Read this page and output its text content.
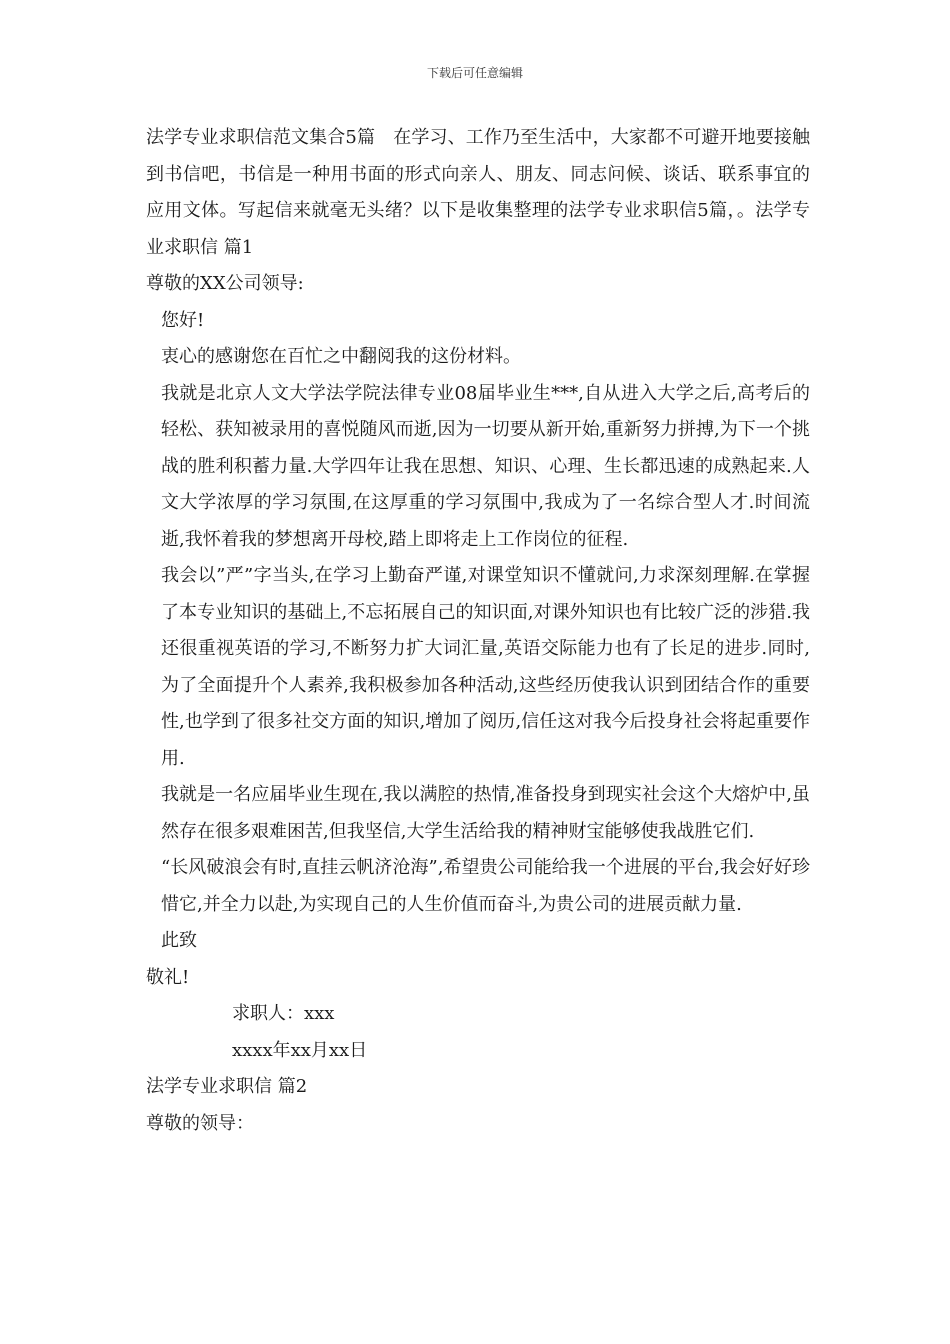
下载后可任意编辑

法学专业求职信范文集合5篇 在学习、工作乃至生活中，大家都不可避开地要接触到书信吧，书信是一种用书面的形式向亲人、朋友、同志问候、谈话、联系事宜的应用文体。写起信来就毫无头绪？以下是收集整理的法学专业求职信5篇，。法学专业求职信 篇1

尊敬的XX公司领导:

您好!

衷心的感谢您在百忙之中翻阅我的这份材料。

我就是北京人文大学法学院法律专业08届毕业生***,自从进入大学之后,高考后的轻松、获知被录用的喜悦随风而逝,因为一切要从新开始,重新努力拼搏,为下一个挑战的胜利积蓄力量.大学四年让我在思想、知识、心理、生长都迅速的成熟起来.人文大学浓厚的学习氛围,在这厚重的学习氛围中,我成为了一名综合型人才.时间流逝,我怀着我的梦想离开母校,踏上即将走上工作岗位的征程.

我会以”严”字当头,在学习上勤奋严谨,对课堂知识不懂就问,力求深刻理解.在掌握了本专业知识的基础上,不忘拓展自己的知识面,对课外知识也有比较广泛的涉猎.我还很重视英语的学习,不断努力扩大词汇量,英语交际能力也有了长足的进步.同时,为了全面提升个人素养,我积极参加各种活动,这些经历使我认识到团结合作的重要性,也学到了很多社交方面的知识,增加了阅历,信任这对我今后投身社会将起重要作用.

我就是一名应届毕业生现在,我以满腔的热情,准备投身到现实社会这个大熔炉中,虽然存在很多艰难困苦,但我坚信,大学生活给我的精神财宝能够使我战胜它们.

“长风破浪会有时,直挂云帆济沧海”,希望贵公司能给我一个进展的平台,我会好好珍惜它,并全力以赴,为实现自己的人生价值而奋斗,为贵公司的进展贡献力量.

此致

敬礼!

求职人：xxx

xxxx年xx月xx日

法学专业求职信 篇2

尊敬的领导：
